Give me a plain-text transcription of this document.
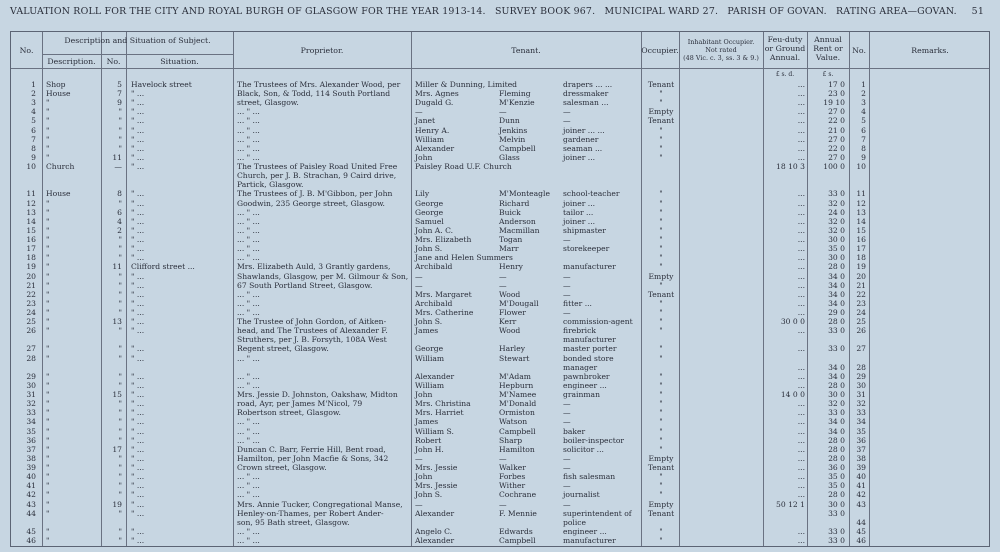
VALUATION ROLL FOR THE CITY AND ROYAL BURGH OF GLASGOW FOR THE YEAR 1913-14. SURVEY BOOK 967. MUNICIPAL WARD 27. PARISH OF GOVAN. RATING AREA—GOVAN. 51
No.
Description and Situation of Subject.
Description.	No.	Situation.
Proprietor.	Tenant.	Occupier.
Inhabitant Occupier.
Not rated
(48 Vic. c. 3, ss. 3 & 9.)
Feu-duty
or Ground
Annual.
Annual
Rent or
Value.
No.	Remarks.
£ s. d.	£ s.
1 Shop	5 Havelock street	The Trustees of Mrs. Alexander Wood, per	Miller & Dunning, Limited	drapers ... ...	Tenant	...	17 0	1
2 House	7 " ...	Black, Son, & Todd, 114 South Portland	Mrs. Agnes	Fleming	dressmaker	"	...	23 0	2
3 "	9 " ...	street, Glasgow.	Dugald G.	M'Kenzie	salesman ...	"	...	19 10	3
4 "	" " ...	... " ...	—	—	—	Empty	...	27 0	4
5 "	" " ...	... " ...	Janet	Dunn	—	Tenant	...	22 0	5
6 "	" " ...	... " ...	Henry A.	Jenkins	joiner ... ...	"	...	21 0	6
7 "	" " ...	... " ...	William	Melvin	gardener	"	...	27 0	7
8 "	" " ...	... " ...	Alexander	Campbell	seaman ...	"	...	22 0	8
9 "	11 " ...	... " ...	John	Glass	joiner ...	"	...	27 0	9
10 Church	— " ...	The Trustees of Paisley Road United Free	Paisley Road U.F. Church	18 10 3	100 0	10
Church, per J. B. Strachan, 9 Caird drive,
Partick, Glasgow.
11 House	8 " ...	The Trustees of J. B. M'Gibbon, per John	Lily	M'Monteagle	school-teacher	"	...	33 0	11
12 "	" " ...	Goodwin, 235 George street, Glasgow.	George	Richard	joiner ...	"	...	32 0	12
13 "	6 " ...	... " ...	George	Buick	tailor ...	"	...	24 0	13
14 "	4 " ...	... " ...	Samuel	Anderson	joiner ...	"	...	32 0	14
15 "	2 " ...	... " ...	John A. C.	Macmillan	shipmaster	"	...	32 0	15
16 "	" " ...	... " ...	Mrs. Elizabeth	Togan	—	"	...	30 0	16
17 "	" " ...	... " ...	John S.	Marr	storekeeper	"	...	35 0	17
18 "	" " ...	... " ...	Jane and Helen Summers	"	...	30 0	18
19 "	11 Clifford street ...	Mrs. Elizabeth Auld, 3 Grantly gardens,	Archibald	Henry	manufacturer	"	...	28 0	19
20 "	" " ...	Shawlands, Glasgow, per M. Gilmour & Son, —	—	—	Empty	...	34 0	20
21 "	" " ...	67 South Portland Street, Glasgow.	—	—	—	"	...	34 0	21
22 "	" " ...	... " ...	Mrs. Margaret	Wood	—	Tenant	...	34 0	22
23 "	" " ...	... " ...	Archibald	M'Dougall	fitter ...	"	...	34 0	23
24 "	" " ...	... " ...	Mrs. Catherine	Flower	—	"	...	29 0	24
25 "	13 " ...	The Trustee of John Gordon, of Aitken-	John S.	Kerr	commission-agent	"	30 0 0	28 0	25
26 "	" " ...	head, and The Trustees of Alexander F.	James	Wood	firebrick	"	...	33 0	26
Struthers, per J. B. Forsyth, 108A West	manufacturer
27 "	" " ...	Regent street, Glasgow.	George	Harley	master porter	"	...	33 0	27
28 "	" " ...	... " ...	William	Stewart	bonded store	"
manager	...	34 0	28
29 "	" " ...	... " ...	Alexander	M'Adam	pawnbroker	"	...	34 0	29
30 "	" " ...	... " ...	William	Hepburn	engineer ...	"	...	28 0	30
31 "	15 " ...	Mrs. Jessie D. Johnston, Oakshaw, Midton	John	M'Namee	grainman	"	14 0 0	30 0	31
32 "	" " ...	road, Ayr, per James M'Nicol, 79	Mrs. Christina	M'Donald	—	"	...	32 0	32
33 "	" " ...	Robertson street, Glasgow.	Mrs. Harriet	Ormiston	—	"	...	33 0	33
34 "	" " ...	... " ...	James	Watson	—	"	...	34 0	34
35 "	" " ...	... " ...	William S.	Campbell	baker	"	...	34 0	35
36 "	" " ...	... " ...	Robert	Sharp	boiler-inspector	"	...	28 0	36
37 "	17 " ...	Duncan C. Barr, Ferrie Hill, Bent road,	John H.	Hamilton	solicitor ...	"	...	28 0	37
38 "	" " ...	Hamilton, per John Macfie & Sons, 342	—	—	—	Empty	...	28 0	38
39 "	" " ...	Crown street, Glasgow.	Mrs. Jessie	Walker	—	Tenant	...	36 0	39
40 "	" " ...	... " ...	John	Forbes	fish salesman	"	...	35 0	40
41 "	" " ...	... " ...	Mrs. Jessie	Wither	—	"	...	35 0	41
42 "	" " ...	... " ...	John S.	Cochrane	journalist	"	...	28 0	42
43 "	19 " ...	Mrs. Annie Tucker, Congregational Manse,	—	—	—	Empty	50 12 1	30 0	43
44 "	" " ...	Henley-on-Thames, per Robert Ander-	Alexander	F. Mennie	superintendent of	Tenant	33 0
son, 95 Bath street, Glasgow.	police	44
45 "	" " ...	... " ...	Angelo C.	Edwards	engineer ...	"	...	33 0	45
46 "	" " ...	... " ...	Alexander	Campbell	manufacturer	"	...	33 0	46
